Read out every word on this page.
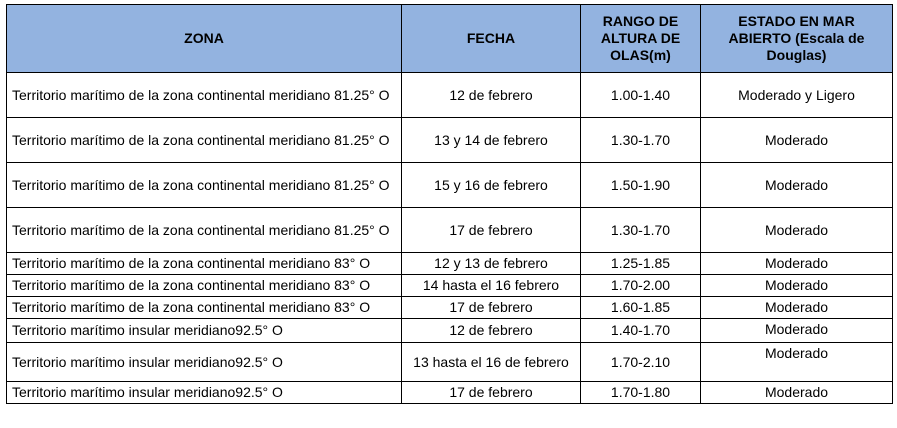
ZONA	FECHA	RANGO DE ALTURA DE OLAS(m)	ESTADO EN MAR ABIERTO (Escala de Douglas)
Territorio marítimo de la zona continental meridiano 81.25° O	12 de febrero	1.00-1.40	Moderado y Ligero
Territorio marítimo de la zona continental meridiano 81.25° O	13 y 14 de febrero	1.30-1.70	Moderado
Territorio marítimo de la zona continental meridiano 81.25° O	15 y 16 de febrero	1.50-1.90	Moderado
Territorio marítimo de la zona continental meridiano 81.25° O	17 de febrero	1.30-1.70	Moderado
Territorio marítimo de la zona continental meridiano 83° O	12 y 13 de febrero	1.25-1.85	Moderado
Territorio marítimo de la zona continental meridiano 83° O	14 hasta el 16 febrero	1.70-2.00	Moderado
Territorio marítimo de la zona continental meridiano 83° O	17 de febrero	1.60-1.85	Moderado
Territorio marítimo insular meridiano92.5° O	12 de febrero	1.40-1.70	Moderado
Territorio marítimo insular meridiano92.5° O	13 hasta el 16 de febrero	1.70-2.10	Moderado
Territorio marítimo insular meridiano92.5° O	17 de febrero	1.70-1.80	Moderado
